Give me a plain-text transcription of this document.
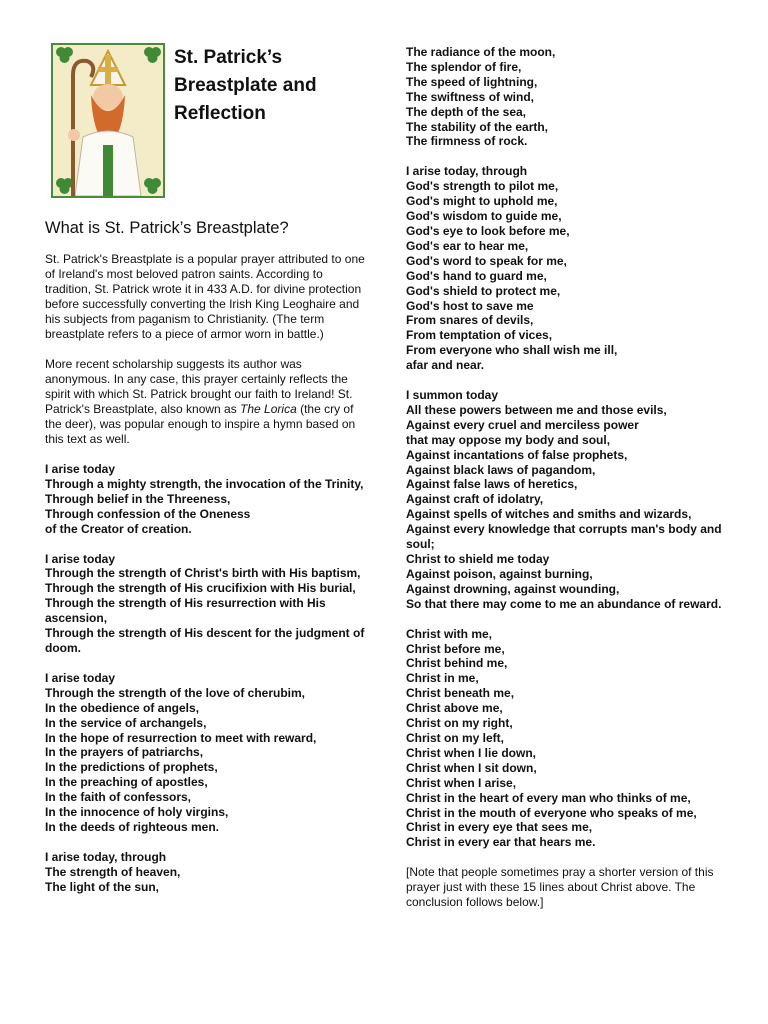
St. Patrick’s Breastplate and Reflection
What is St. Patrick’s Breastplate?

St. Patrick's Breastplate is a popular prayer attributed to one of Ireland's most beloved patron saints. According to tradition, St. Patrick wrote it in 433 A.D. for divine protection before successfully converting the Irish King Leoghaire and his subjects from paganism to Christianity. (The term breastplate refers to a piece of armor worn in battle.)

More recent scholarship suggests its author was anonymous. In any case, this prayer certainly reflects the spirit with which St. Patrick brought our faith to Ireland! St. Patrick's Breastplate, also known as The Lorica (the cry of the deer), was popular enough to inspire a hymn based on this text as well.

I arise today
Through a mighty strength, the invocation of the Trinity,
Through belief in the Threeness,
Through confession of the Oneness
of the Creator of creation.
I arise today
Through the strength of Christ's birth with His baptism,
Through the strength of His crucifixion with His burial,
Through the strength of His resurrection with His ascension,
Through the strength of His descent for the judgment of doom.
I arise today
Through the strength of the love of cherubim,
In the obedience of angels,
In the service of archangels,
In the hope of resurrection to meet with reward,
In the prayers of patriarchs,
In the predictions of prophets,
In the preaching of apostles,
In the faith of confessors,
In the innocence of holy virgins,
In the deeds of righteous men.
I arise today, through
The strength of heaven,
The light of the sun,
The radiance of the moon,
The splendor of fire,
The speed of lightning,
The swiftness of wind,
The depth of the sea,
The stability of the earth,
The firmness of rock.
I arise today, through
God's strength to pilot me,
God's might to uphold me,
God's wisdom to guide me,
God's eye to look before me,
God's ear to hear me,
God's word to speak for me,
God's hand to guard me,
God's shield to protect me,
God's host to save me
From snares of devils,
From temptation of vices,
From everyone who shall wish me ill,
afar and near.
I summon today
All these powers between me and those evils,
Against every cruel and merciless power
that may oppose my body and soul,
Against incantations of false prophets,
Against black laws of pagandom,
Against false laws of heretics,
Against craft of idolatry,
Against spells of witches and smiths and wizards,
Against every knowledge that corrupts man's body and soul;
Christ to shield me today
Against poison, against burning,
Against drowning, against wounding,
So that there may come to me an abundance of reward.
Christ with me,
Christ before me,
Christ behind me,
Christ in me,
Christ beneath me,
Christ above me,
Christ on my right,
Christ on my left,
Christ when I lie down,
Christ when I sit down,
Christ when I arise,
Christ in the heart of every man who thinks of me,
Christ in the mouth of everyone who speaks of me,
Christ in every eye that sees me,
Christ in every ear that hears me.

[Note that people sometimes pray a shorter version of this prayer just with these 15 lines about Christ above. The conclusion follows below.]
